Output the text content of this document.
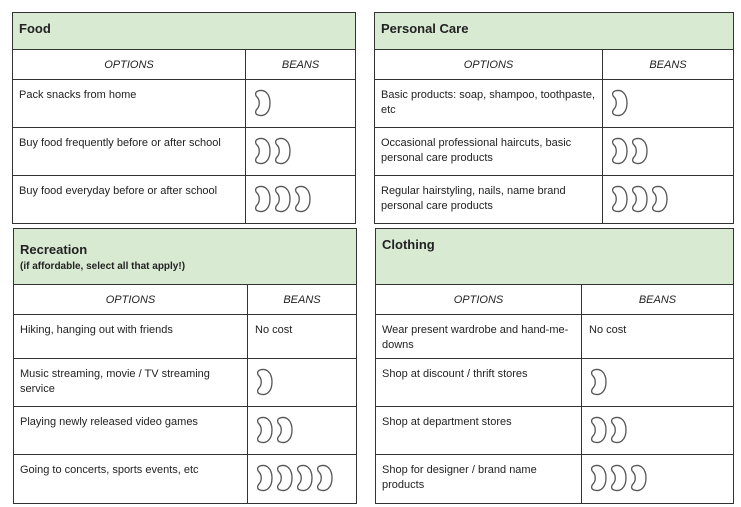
Food	

OPTIONS	BEANS
Pack snacks from home	
Buy food frequently before or after school	
Buy food everyday before or after school	
Personal Care	

OPTIONS	BEANS
Basic products: soap, shampoo, toothpaste, etc	
Occasional professional haircuts, basic personal care products	
Regular hairstyling, nails, name brand personal care products	
Recreation
(if affordable, select all that apply!)	

OPTIONS	BEANS
Hiking, hanging out with friends	No cost
Music streaming, movie / TV streaming service	
Playing newly released video games	
Going to concerts, sports events, etc	
Clothing	

OPTIONS	BEANS
Wear present wardrobe and hand-me-downs	No cost
Shop at discount / thrift stores	
Shop at department stores	
Shop for designer / brand name products	
